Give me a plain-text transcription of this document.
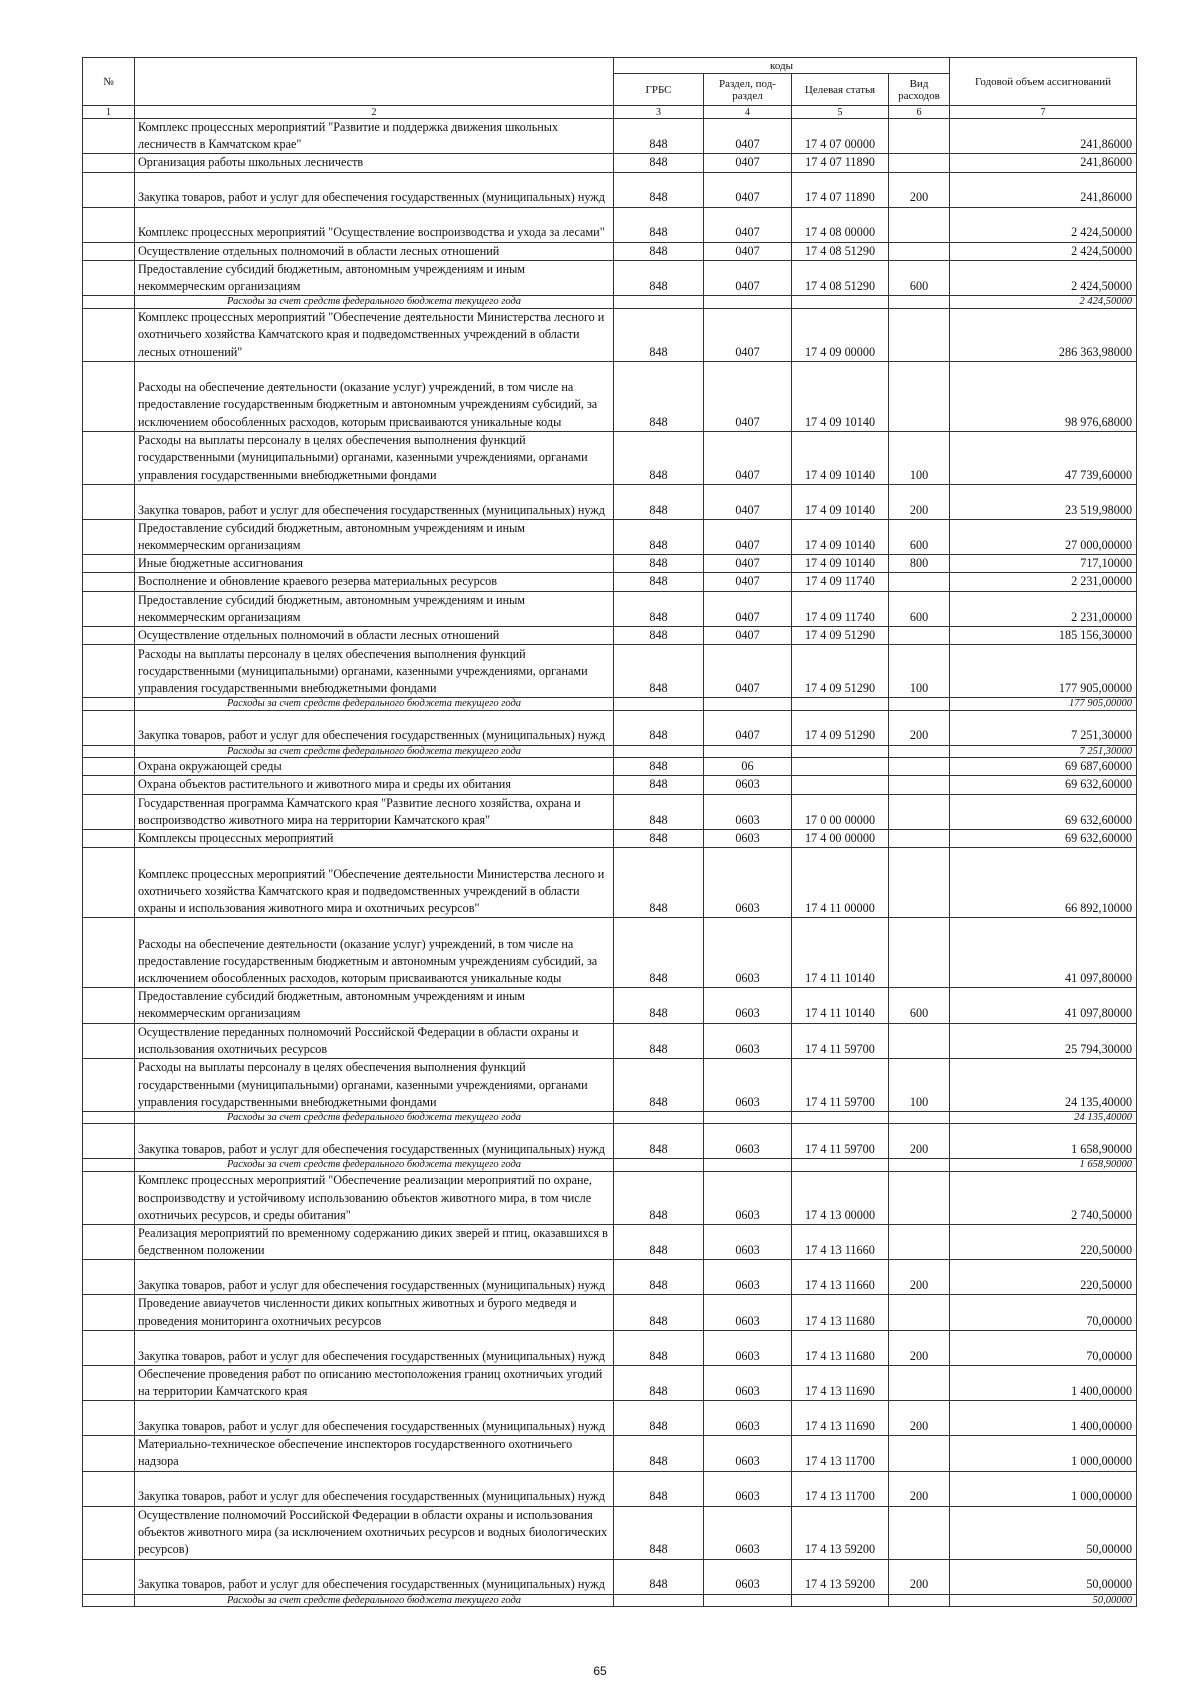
№		коды				Годовой объем ассигнований
		ГРБС	Раздел, под-раздел	Целевая статья	Вид расходов	
1	2	3	4	5	6	7
	Комплекс процессных мероприятий "Развитие и поддержка движения школьных лесничеств в Камчатском крае"	848	0407	17 4 07 00000		241,86000
	Организация работы школьных лесничеств	848	0407	17 4 07 11890		241,86000
	Закупка товаров, работ и услуг для обеспечения государственных (муниципальных) нужд	848	0407	17 4 07 11890	200	241,86000
	Комплекс процессных мероприятий "Осуществление воспроизводства и ухода за лесами"	848	0407	17 4 08 00000		2 424,50000
	Осуществление отдельных полномочий в области лесных отношений	848	0407	17 4 08 51290		2 424,50000
	Предоставление субсидий бюджетным, автономным учреждениям и иным некоммерческим организациям	848	0407	17 4 08 51290	600	2 424,50000
	Расходы за счет средств федерального бюджета текущего года					2 424,50000
	Комплекс процессных мероприятий "Обеспечение деятельности Министерства лесного и охотничьего хозяйства Камчатского края и подведомственных учреждений в области лесных отношений"	848	0407	17 4 09 00000		286 363,98000
	Расходы на обеспечение деятельности (оказание услуг) учреждений, в том числе на предоставление государственным бюджетным и автономным учреждениям субсидий, за исключением обособленных расходов, которым присваиваются уникальные коды	848	0407	17 4 09 10140		98 976,68000
	Расходы на выплаты персоналу в целях обеспечения выполнения функций государственными (муниципальными) органами, казенными учреждениями, органами управления государственными внебюджетными фондами	848	0407	17 4 09 10140	100	47 739,60000
	Закупка товаров, работ и услуг для обеспечения государственных (муниципальных) нужд	848	0407	17 4 09 10140	200	23 519,98000
	Предоставление субсидий бюджетным, автономным учреждениям и иным некоммерческим организациям	848	0407	17 4 09 10140	600	27 000,00000
	Иные бюджетные ассигнования	848	0407	17 4 09 10140	800	717,10000
	Восполнение и обновление краевого резерва материальных ресурсов	848	0407	17 4 09 11740		2 231,00000
	Предоставление субсидий бюджетным, автономным учреждениям и иным некоммерческим организациям	848	0407	17 4 09 11740	600	2 231,00000
	Осуществление отдельных полномочий в области лесных отношений	848	0407	17 4 09 51290		185 156,30000
	Расходы на выплаты персоналу в целях обеспечения выполнения функций государственными (муниципальными) органами, казенными учреждениями, органами управления государственными внебюджетными фондами	848	0407	17 4 09 51290	100	177 905,00000
	Расходы за счет средств федерального бюджета текущего года					177 905,00000
	Закупка товаров, работ и услуг для обеспечения государственных (муниципальных) нужд	848	0407	17 4 09 51290	200	7 251,30000
	Расходы за счет средств федерального бюджета текущего года					7 251,30000
	Охрана окружающей среды	848	06			69 687,60000
	Охрана объектов растительного и животного мира и среды их обитания	848	0603			69 632,60000
	Государственная программа Камчатского края "Развитие лесного хозяйства, охрана и воспроизводство животного мира на территории Камчатского края"	848	0603	17 0 00 00000		69 632,60000
	Комплексы процессных мероприятий	848	0603	17 4 00 00000		69 632,60000
	Комплекс процессных мероприятий "Обеспечение деятельности Министерства лесного и охотничьего хозяйства Камчатского края и подведомственных учреждений в области охраны и использования животного мира и охотничьих ресурсов"	848	0603	17 4 11 00000		66 892,10000
	Расходы на обеспечение деятельности (оказание услуг) учреждений, в том числе на предоставление государственным бюджетным и автономным учреждениям субсидий, за исключением обособленных расходов, которым присваиваются уникальные коды	848	0603	17 4 11 10140		41 097,80000
	Предоставление субсидий бюджетным, автономным учреждениям и иным некоммерческим организациям	848	0603	17 4 11 10140	600	41 097,80000
	Осуществление переданных полномочий Российской Федерации в области охраны и использования охотничьих ресурсов	848	0603	17 4 11 59700		25 794,30000
	Расходы на выплаты персоналу в целях обеспечения выполнения функций государственными (муниципальными) органами, казенными учреждениями, органами управления государственными внебюджетными фондами	848	0603	17 4 11 59700	100	24 135,40000
	Расходы за счет средств федерального бюджета текущего года					24 135,40000
	Закупка товаров, работ и услуг для обеспечения государственных (муниципальных) нужд	848	0603	17 4 11 59700	200	1 658,90000
	Расходы за счет средств федерального бюджета текущего года					1 658,90000
	Комплекс процессных мероприятий "Обеспечение реализации мероприятий по охране, воспроизводству и устойчивому использованию объектов животного мира, в том числе охотничьих ресурсов, и среды обитания"	848	0603	17 4 13 00000		2 740,50000
	Реализация мероприятий по временному содержанию диких зверей и птиц, оказавшихся в бедственном положении	848	0603	17 4 13 11660		220,50000
	Закупка товаров, работ и услуг для обеспечения государственных (муниципальных) нужд	848	0603	17 4 13 11660	200	220,50000
	Проведение авиаучетов численности диких копытных животных и бурого медведя и проведения мониторинга охотничьих ресурсов	848	0603	17 4 13 11680		70,00000
	Закупка товаров, работ и услуг для обеспечения государственных (муниципальных) нужд	848	0603	17 4 13 11680	200	70,00000
	Обеспечение проведения работ по описанию местоположения границ охотничьих угодий на территории Камчатского края	848	0603	17 4 13 11690		1 400,00000
	Закупка товаров, работ и услуг для обеспечения государственных (муниципальных) нужд	848	0603	17 4 13 11690	200	1 400,00000
	Материально-техническое обеспечение инспекторов государственного охотничьего надзора	848	0603	17 4 13 11700		1 000,00000
	Закупка товаров, работ и услуг для обеспечения государственных (муниципальных) нужд	848	0603	17 4 13 11700	200	1 000,00000
	Осуществление полномочий Российской Федерации в области охраны и использования объектов животного мира (за исключением охотничьих ресурсов и водных биологических ресурсов)	848	0603	17 4 13 59200		50,00000
	Закупка товаров, работ и услуг для обеспечения государственных (муниципальных) нужд	848	0603	17 4 13 59200	200	50,00000
	Расходы за счет средств федерального бюджета текущего года					50,00000
65
